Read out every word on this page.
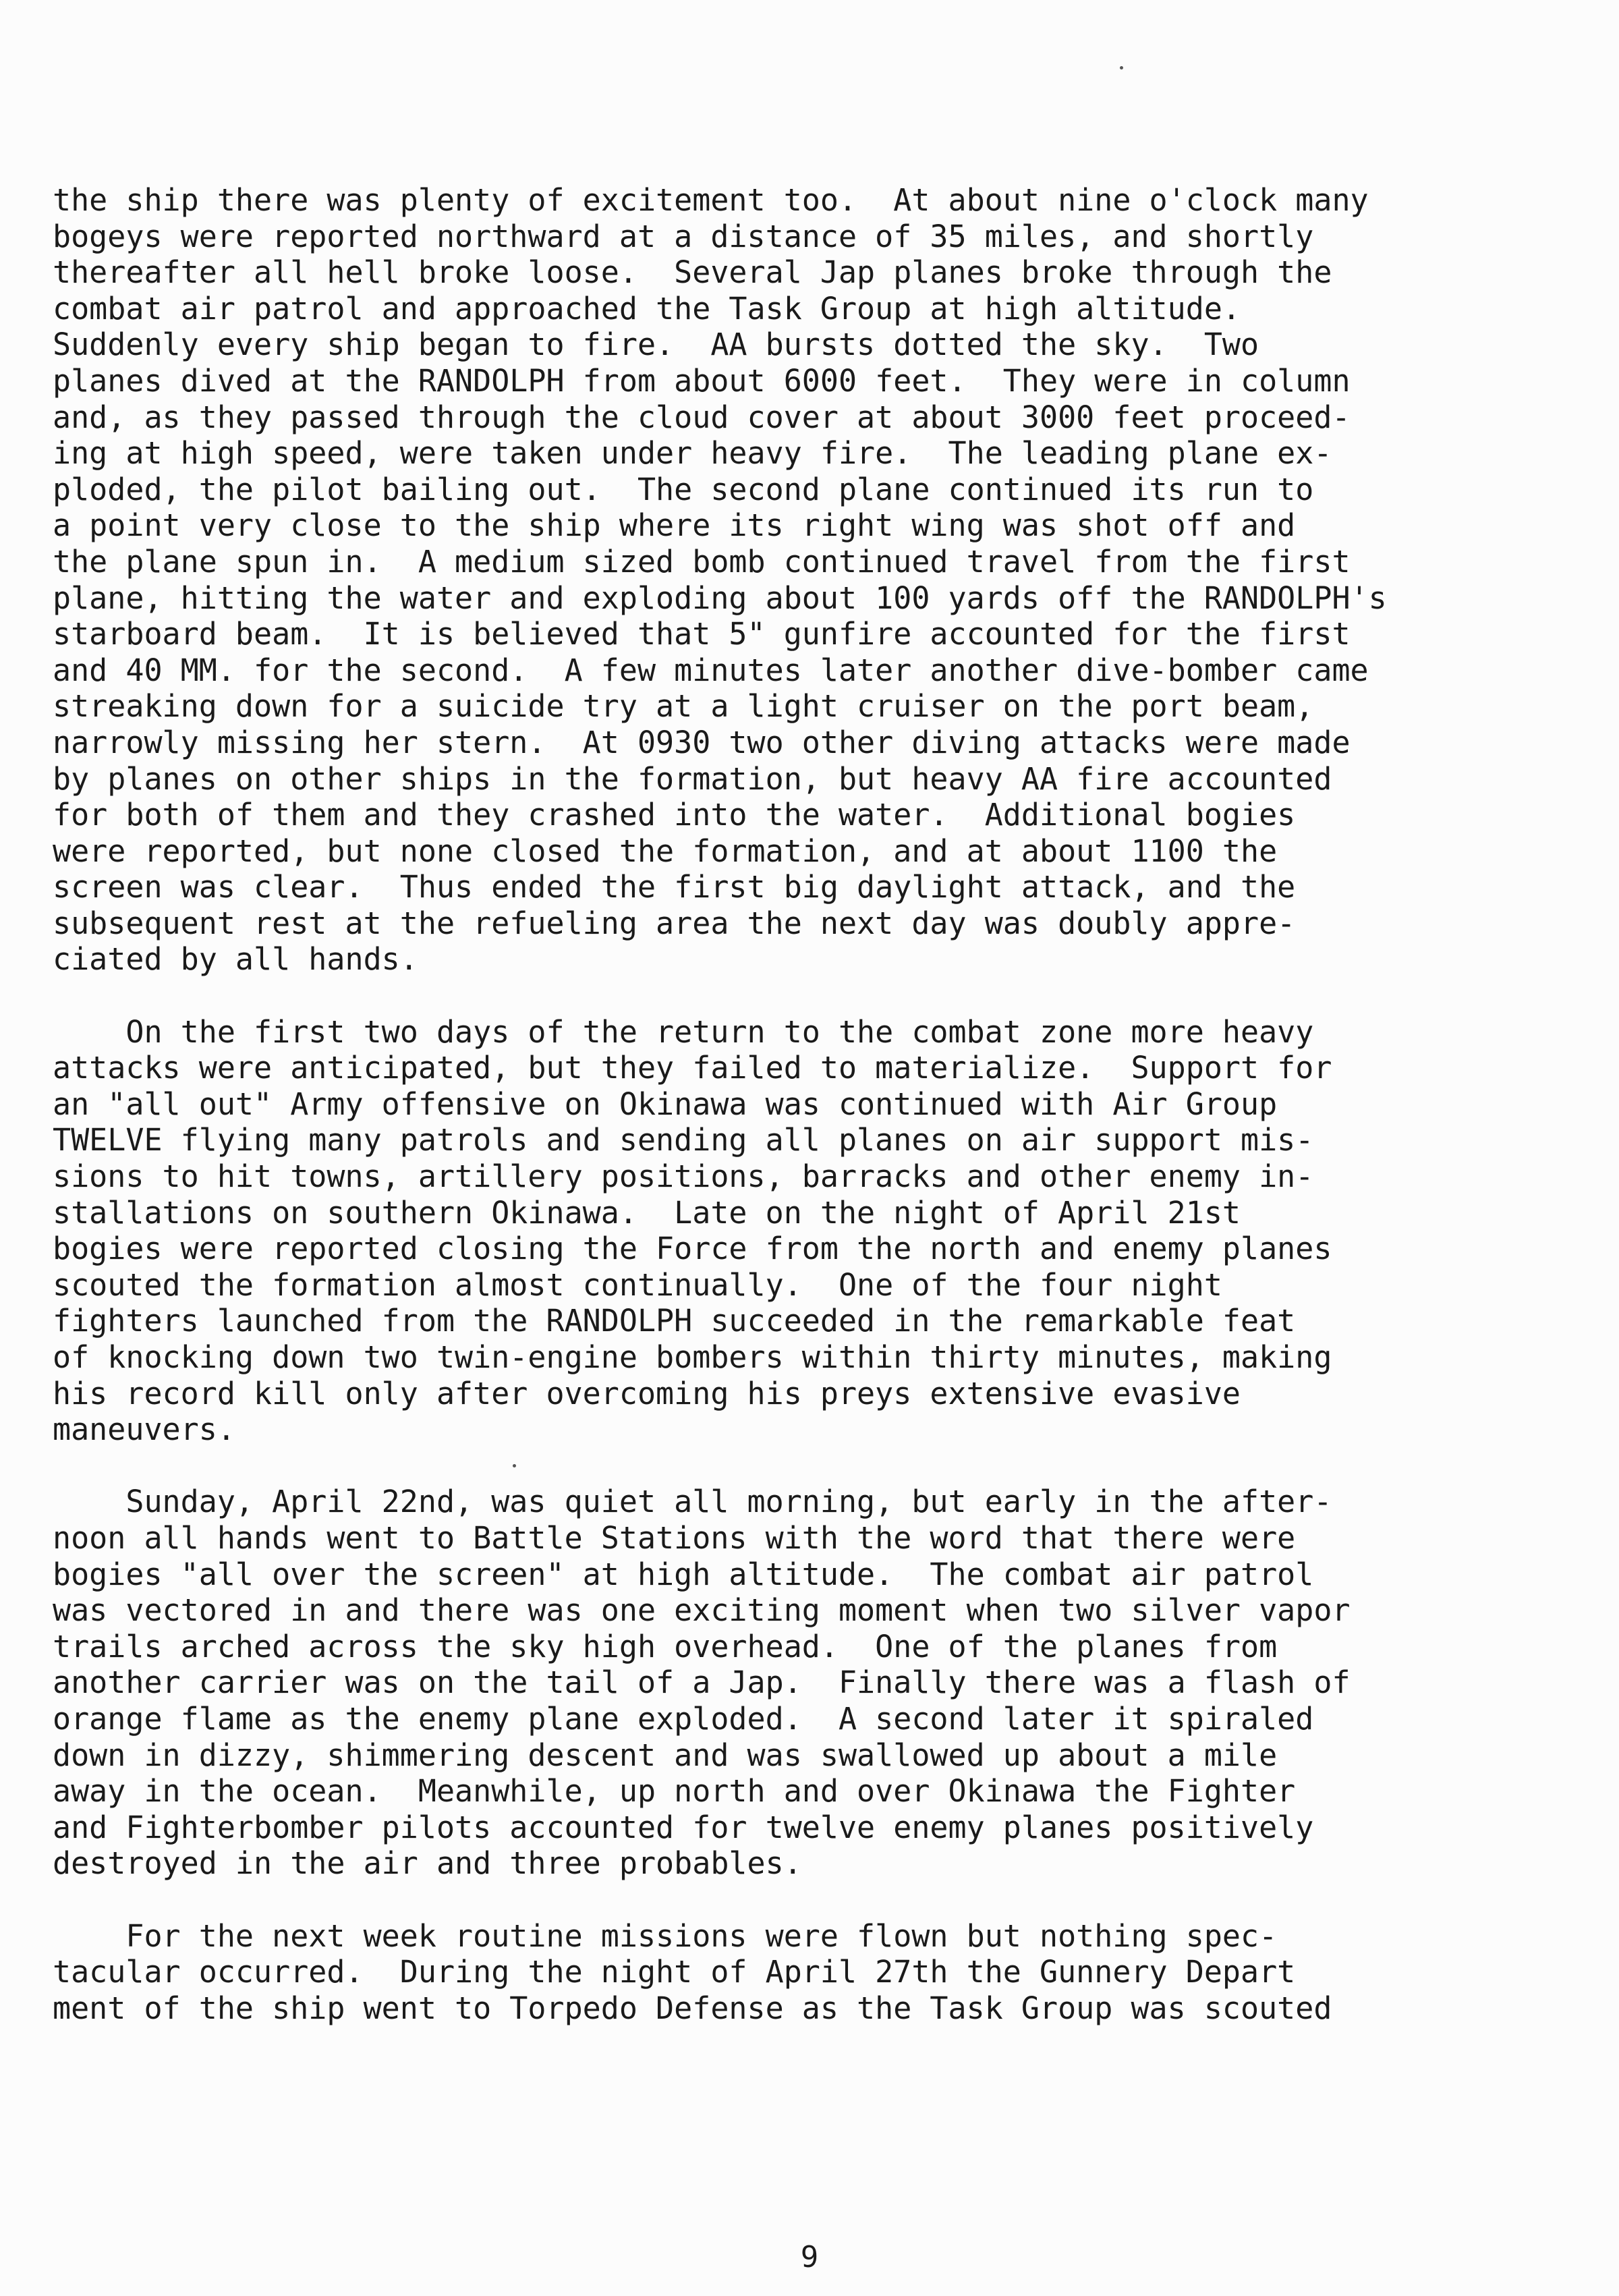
the ship there was plenty of excitement too.  At about nine o'clock many
bogeys were reported northward at a distance of 35 miles, and shortly
thereafter all hell broke loose.  Several Jap planes broke through the
combat air patrol and approached the Task Group at high altitude.
Suddenly every ship began to fire.  AA bursts dotted the sky.  Two
planes dived at the RANDOLPH from about 6000 feet.  They were in column
and, as they passed through the cloud cover at about 3000 feet proceed-
ing at high speed, were taken under heavy fire.  The leading plane ex-
ploded, the pilot bailing out.  The second plane continued its run to
a point very close to the ship where its right wing was shot off and
the plane spun in.  A medium sized bomb continued travel from the first
plane, hitting the water and exploding about 100 yards off the RANDOLPH's
starboard beam.  It is believed that 5" gunfire accounted for the first
and 40 MM. for the second.  A few minutes later another dive-bomber came
streaking down for a suicide try at a light cruiser on the port beam,
narrowly missing her stern.  At 0930 two other diving attacks were made
by planes on other ships in the formation, but heavy AA fire accounted
for both of them and they crashed into the water.  Additional bogies
were reported, but none closed the formation, and at about 1100 the
screen was clear.  Thus ended the first big daylight attack, and the
subsequent rest at the refueling area the next day was doubly appre-
ciated by all hands.
On the first two days of the return to the combat zone more heavy
attacks were anticipated, but they failed to materialize.  Support for
an "all out" Army offensive on Okinawa was continued with Air Group
TWELVE flying many patrols and sending all planes on air support mis-
sions to hit towns, artillery positions, barracks and other enemy in-
stallations on southern Okinawa.  Late on the night of April 21st
bogies were reported closing the Force from the north and enemy planes
scouted the formation almost continually.  One of the four night
fighters launched from the RANDOLPH succeeded in the remarkable feat
of knocking down two twin-engine bombers within thirty minutes, making
his record kill only after overcoming his preys extensive evasive
maneuvers.
Sunday, April 22nd, was quiet all morning, but early in the after-
noon all hands went to Battle Stations with the word that there were
bogies "all over the screen" at high altitude.  The combat air patrol
was vectored in and there was one exciting moment when two silver vapor
trails arched across the sky high overhead.  One of the planes from
another carrier was on the tail of a Jap.  Finally there was a flash of
orange flame as the enemy plane exploded.  A second later it spiraled
down in dizzy, shimmering descent and was swallowed up about a mile
away in the ocean.  Meanwhile, up north and over Okinawa the Fighter
and Fighterbomber pilots accounted for twelve enemy planes positively
destroyed in the air and three probables.
For the next week routine missions were flown but nothing spec-
tacular occurred.  During the night of April 27th the Gunnery Depart
ment of the ship went to Torpedo Defense as the Task Group was scouted
9
